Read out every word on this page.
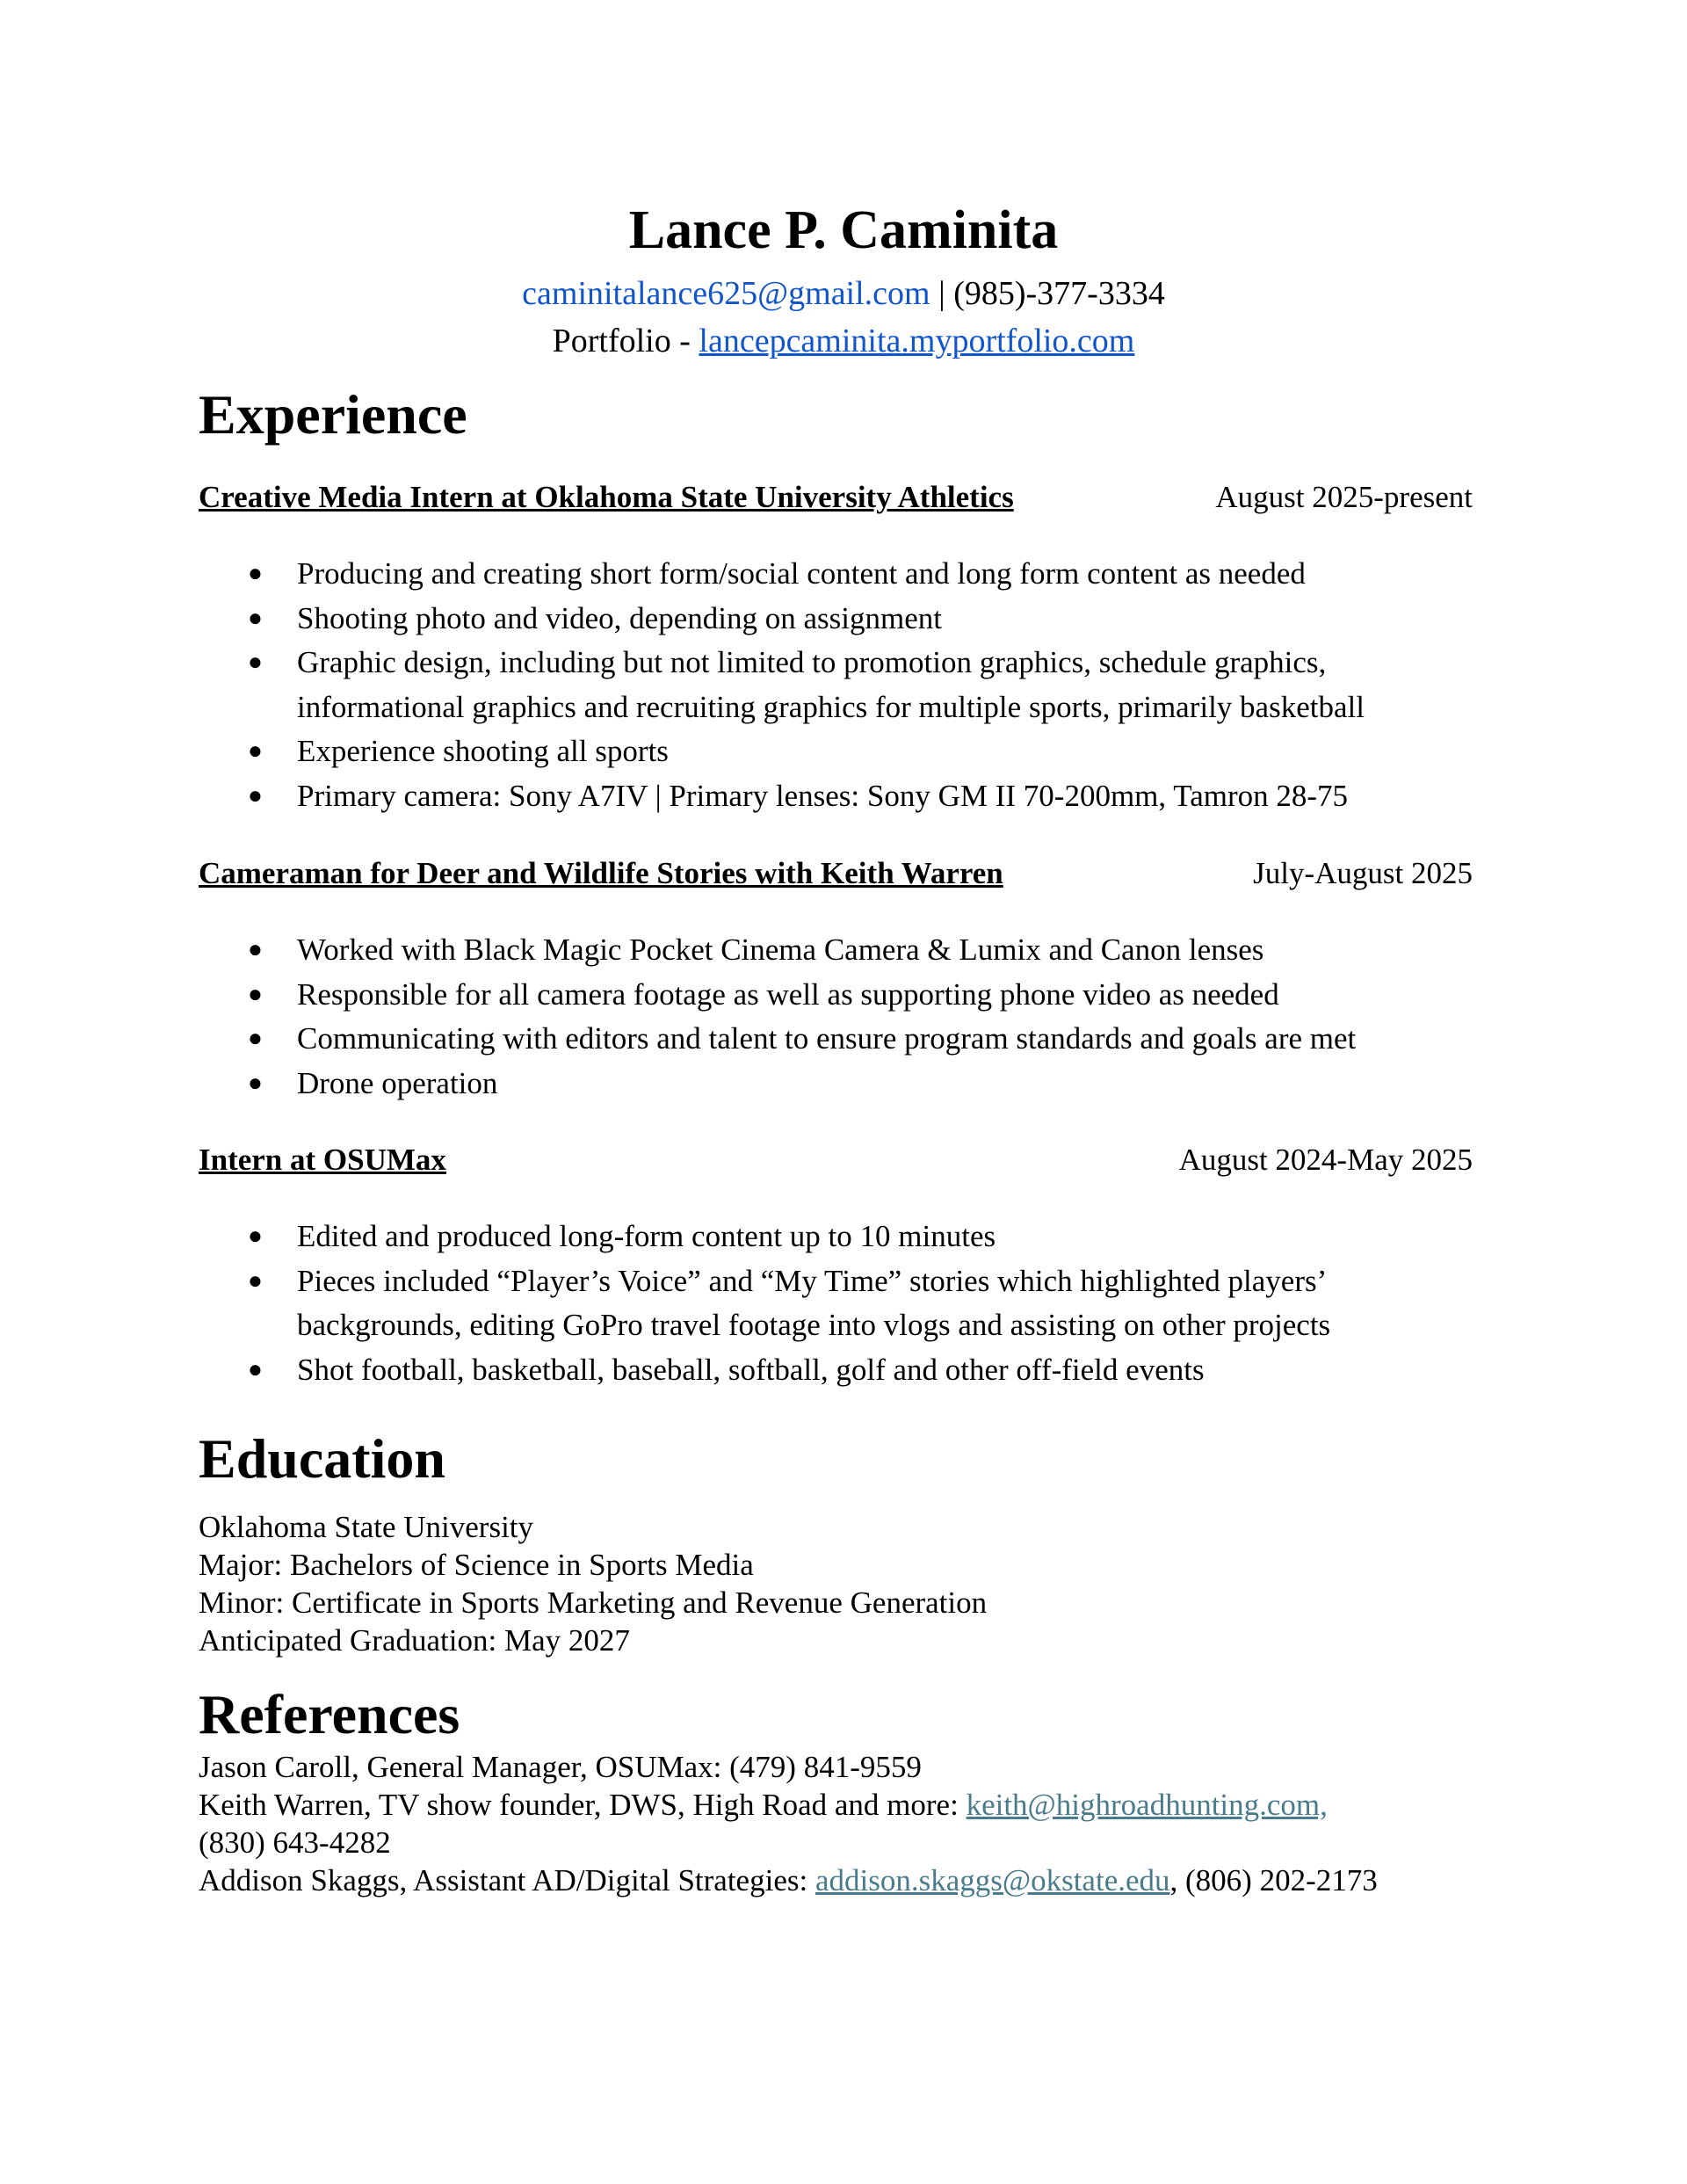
Lance P. Caminita
caminitalance625@gmail.com | (985)-377-3334
Portfolio - lancepcaminita.myportfolio.com
Experience
Creative Media Intern at Oklahoma State University Athletics	August 2025-present
● Producing and creating short form/social content and long form content as needed
● Shooting photo and video, depending on assignment
● Graphic design, including but not limited to promotion graphics, schedule graphics, informational graphics and recruiting graphics for multiple sports, primarily basketball
● Experience shooting all sports
● Primary camera: Sony A7IV | Primary lenses: Sony GM II 70-200mm, Tamron 28-75
Cameraman for Deer and Wildlife Stories with Keith Warren	July-August 2025
● Worked with Black Magic Pocket Cinema Camera & Lumix and Canon lenses
● Responsible for all camera footage as well as supporting phone video as needed
● Communicating with editors and talent to ensure program standards and goals are met
● Drone operation
Intern at OSUMax	August 2024-May 2025
● Edited and produced long-form content up to 10 minutes
● Pieces included “Player’s Voice” and “My Time” stories which highlighted players’ backgrounds, editing GoPro travel footage into vlogs and assisting on other projects
● Shot football, basketball, baseball, softball, golf and other off-field events
Education
Oklahoma State University
Major: Bachelors of Science in Sports Media
Minor: Certificate in Sports Marketing and Revenue Generation
Anticipated Graduation: May 2027
References
Jason Caroll, General Manager, OSUMax: (479) 841-9559
Keith Warren, TV show founder, DWS, High Road and more: keith@highroadhunting.com,
(830) 643-4282
Addison Skaggs, Assistant AD/Digital Strategies: addison.skaggs@okstate.edu, (806) 202-2173
